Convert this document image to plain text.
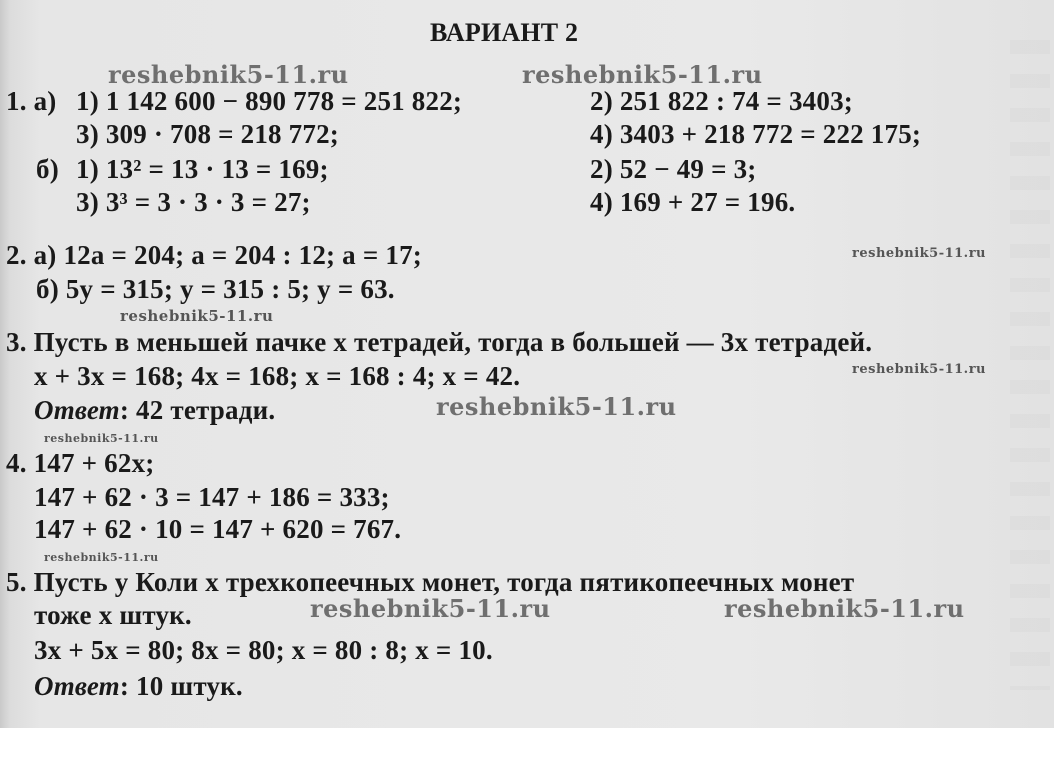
ВАРИАНТ 2
reshebnik5-11.ru	reshebnik5-11.ru
1. а) 1) 1 142 600 − 890 778 = 251 822;	2) 251 822 : 74 = 3403;
3) 309 · 708 = 218 772;	4) 3403 + 218 772 = 222 175;
б) 1) 13² = 13 · 13 = 169;	2) 52 − 49 = 3;
3) 3³ = 3 · 3 · 3 = 27;	4) 169 + 27 = 196.
2. а) 12a = 204; a = 204 : 12; a = 17;	reshebnik5-11.ru
б) 5y = 315; y = 315 : 5; y = 63.
reshebnik5-11.ru
3. Пусть в меньшей пачке x тетрадей, тогда в большей — 3x тетрадей.
reshebnik5-11.ru
x + 3x = 168; 4x = 168; x = 168 : 4; x = 42.
Ответ: 42 тетради.	reshebnik5-11.ru
reshebnik5-11.ru
4. 147 + 62x;
147 + 62 · 3 = 147 + 186 = 333;
147 + 62 · 10 = 147 + 620 = 767.
reshebnik5-11.ru
5. Пусть у Коли x трехкопеечных монет, тогда пятикопеечных монет
тоже x штук.	reshebnik5-11.ru	reshebnik5-11.ru
3x + 5x = 80; 8x = 80; x = 80 : 8; x = 10.
Ответ: 10 штук.
